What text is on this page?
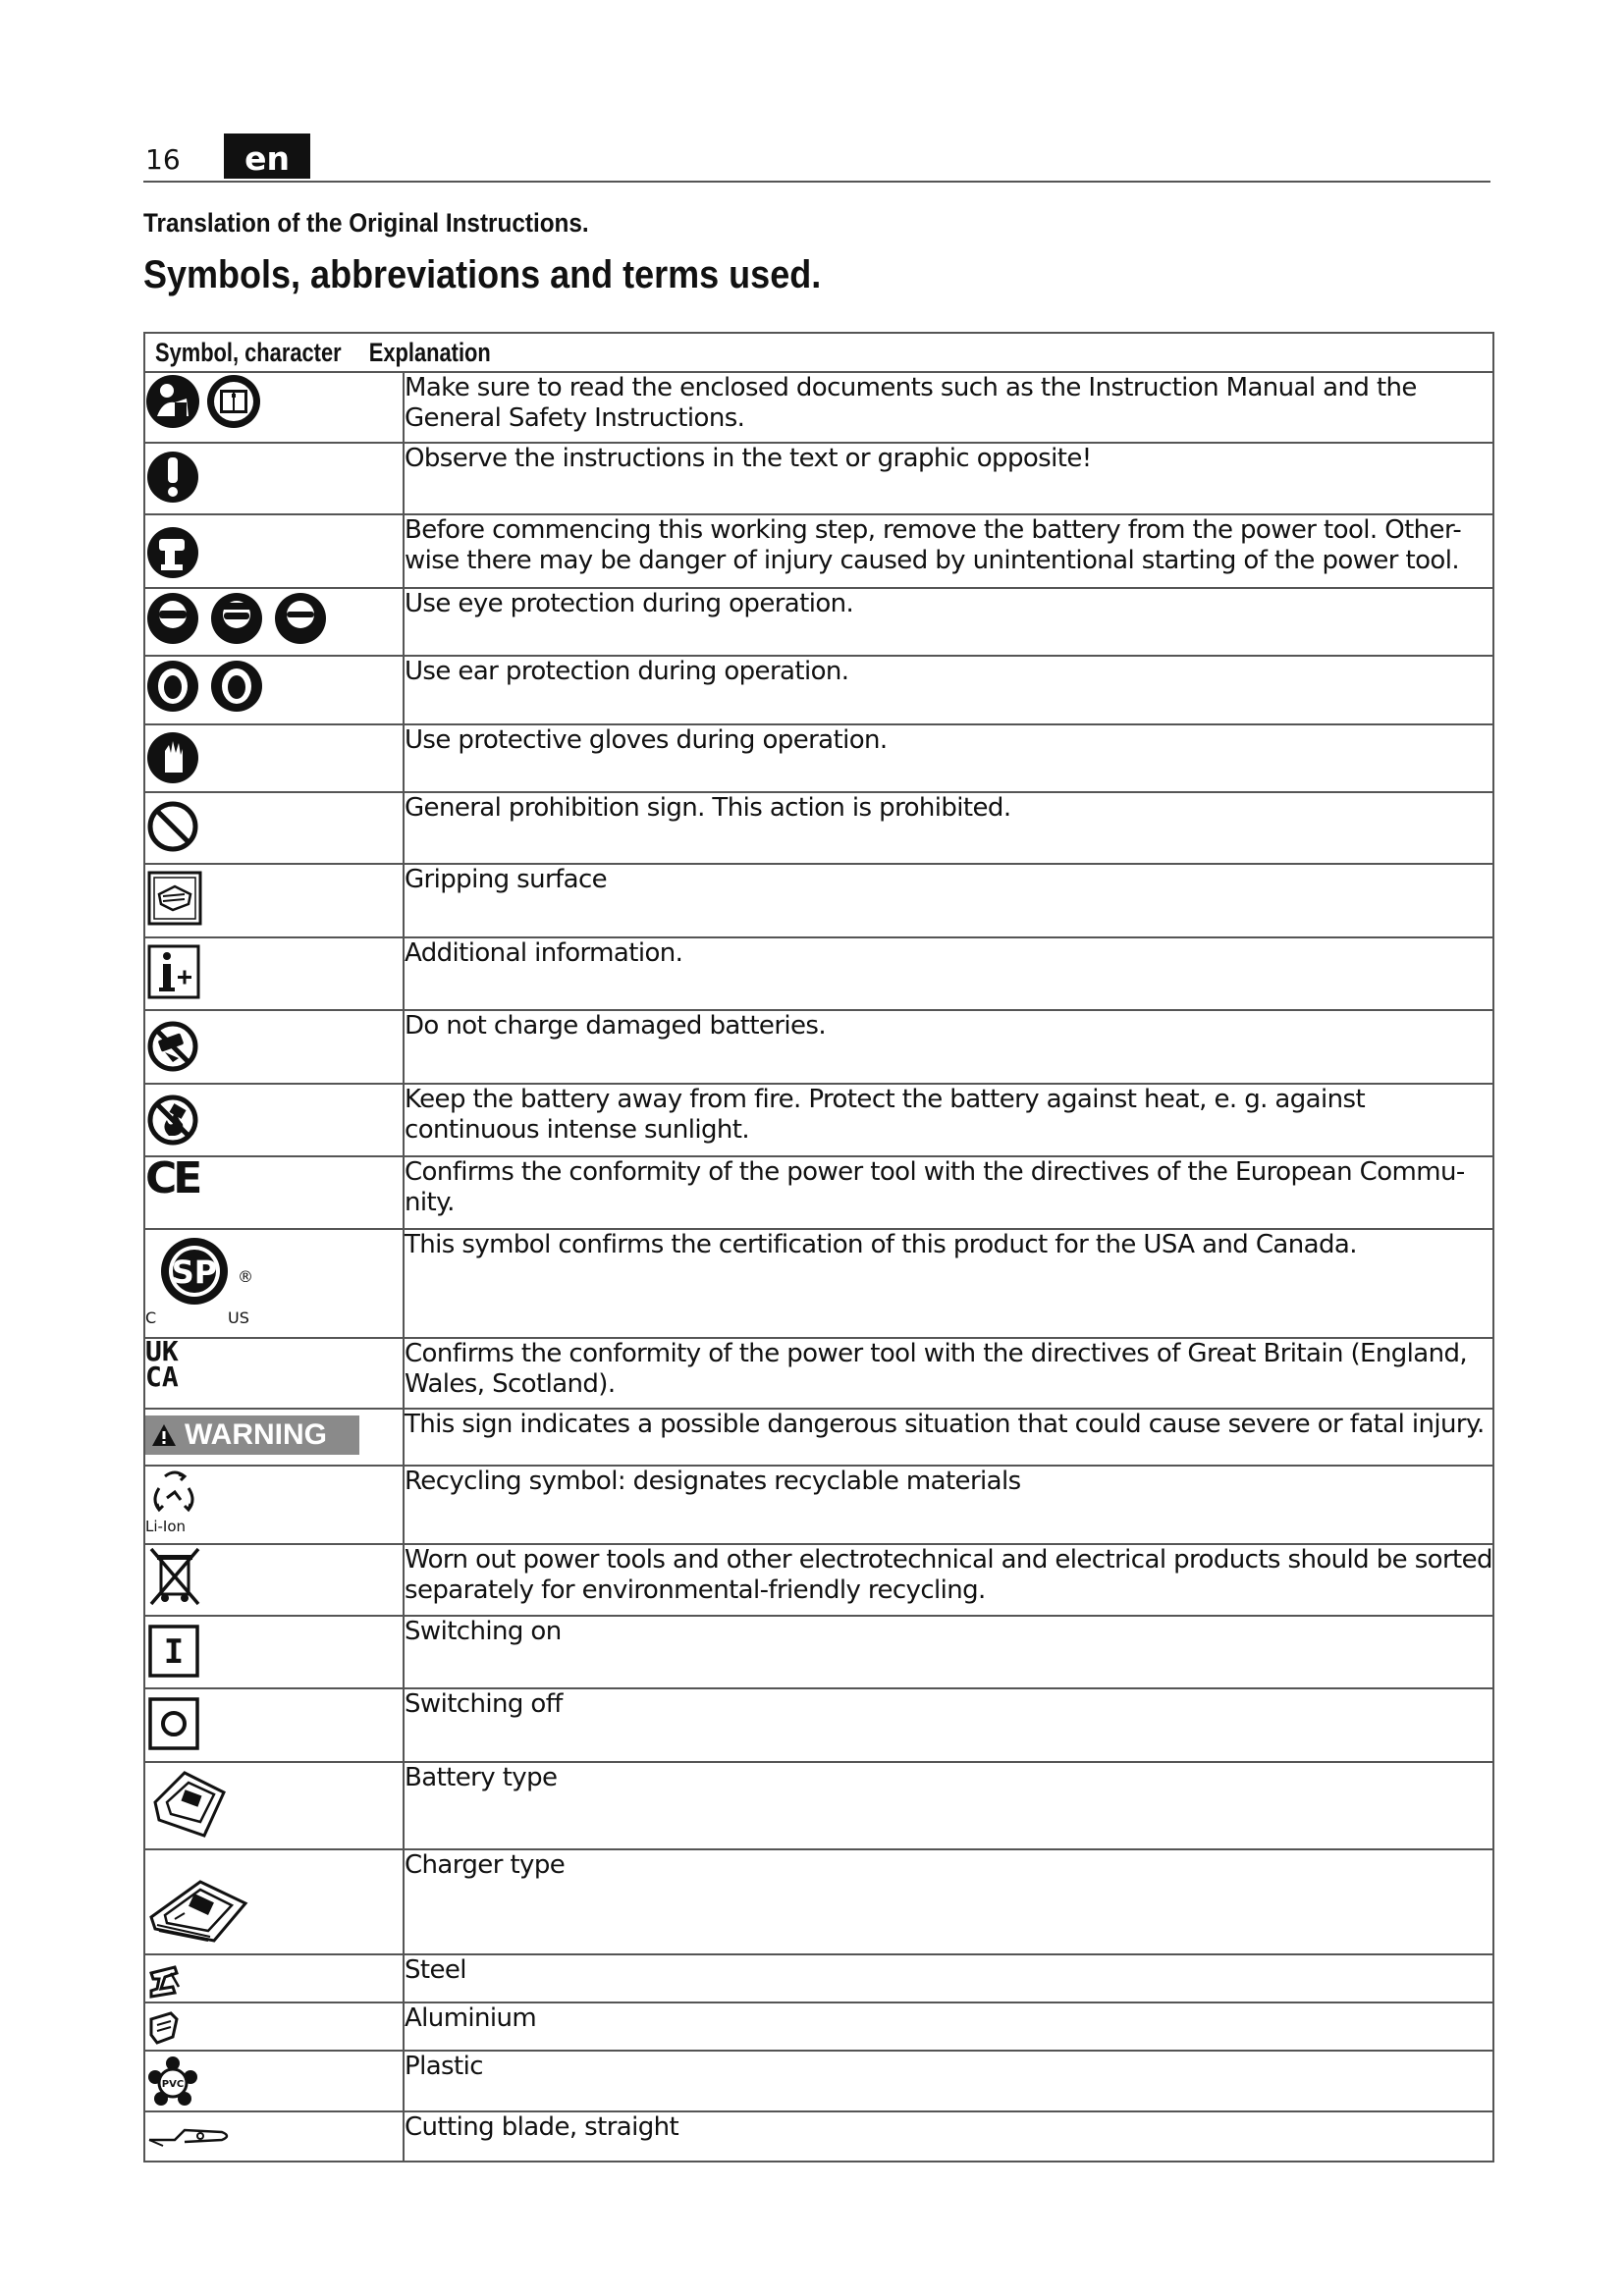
16	en
Translation of the Original Instructions.
Symbols, abbreviations and terms used.
Symbol, character Explanation	

	Make sure to read the enclosed documents such as the Instruction Manual and the General Safety Instructions.

	Observe the instructions in the text or graphic opposite!

	Before commencing this working step, remove the battery from the power tool. Other-wise there may be danger of injury caused by unintentional starting of the power tool.

	Use eye protection during operation.

	Use ear protection during operation.

	Use protective gloves during operation.

	General prohibition sign. This action is prohibited.

	Gripping surface

	Additional information.

	Do not charge damaged batteries.

	Keep the battery away from fire. Protect the battery against heat, e. g. against continuous intense sunlight.
CE	Confirms the conformity of the power tool with the directives of the European Commu-nity.

SP ®
C US	This symbol confirms the certification of this product for the USA and Canada.
UK
CA	Confirms the conformity of the power tool with the directives of Great Britain (England, Wales, Scotland).

WARNING	This sign indicates a possible dangerous situation that could cause severe or fatal injury.

Li-Ion	Recycling symbol: designates recyclable materials

	Worn out power tools and other electrotechnical and electrical products should be sorted separately for environmental-friendly recycling.

I	Switching on

	Switching off

	Battery type

	Charger type

	Steel

	Aluminium

PVC	Plastic

	Cutting blade, straight
